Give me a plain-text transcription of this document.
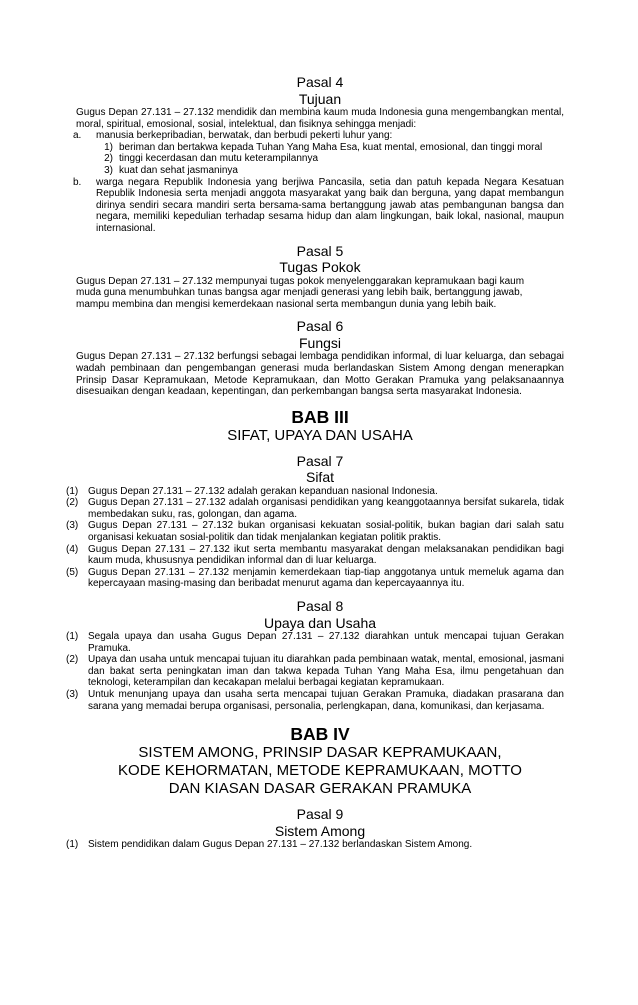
Pasal 4
Tujuan
Gugus Depan 27.131 – 27.132 mendidik dan membina kaum muda Indonesia guna mengembangkan mental, moral, spiritual, emosional, sosial, intelektual, dan fisiknya sehingga menjadi:
a.	manusia berkepribadian, berwatak, dan berbudi pekerti luhur yang:
1) beriman dan bertakwa kepada Tuhan Yang Maha Esa, kuat mental, emosional, dan tinggi moral
2) tinggi kecerdasan dan mutu keterampilannya
3) kuat dan sehat jasmaninya
b.	warga negara Republik Indonesia yang berjiwa Pancasila, setia dan patuh kepada Negara Kesatuan Republik Indonesia serta menjadi anggota masyarakat yang baik dan berguna, yang dapat membangun dirinya sendiri secara mandiri serta bersama-sama bertanggung jawab atas pembangunan bangsa dan negara, memiliki kepedulian terhadap sesama hidup dan alam lingkungan, baik lokal, nasional, maupun internasional.
Pasal 5
Tugas Pokok
Gugus Depan 27.131 – 27.132 mempunyai tugas pokok menyelenggarakan kepramukaan bagi kaum muda guna menumbuhkan tunas bangsa agar menjadi generasi yang lebih baik, bertanggung jawab, mampu membina dan mengisi kemerdekaan nasional serta membangun dunia yang lebih baik.
Pasal 6
Fungsi
Gugus Depan 27.131 – 27.132 berfungsi sebagai lembaga pendidikan informal, di luar keluarga, dan sebagai wadah pembinaan dan pengembangan generasi muda berlandaskan Sistem Among dengan menerapkan Prinsip Dasar Kepramukaan, Metode Kepramukaan, dan Motto Gerakan Pramuka yang pelaksanaannya disesuaikan dengan keadaan, kepentingan, dan perkembangan bangsa serta masyarakat Indonesia.
BAB III
SIFAT, UPAYA DAN USAHA
Pasal 7
Sifat
(1) Gugus Depan 27.131 – 27.132 adalah gerakan kepanduan nasional Indonesia.
(2) Gugus Depan 27.131 – 27.132 adalah organisasi pendidikan yang keanggotaannya bersifat sukarela, tidak membedakan suku, ras, golongan, dan agama.
(3) Gugus Depan 27.131 – 27.132 bukan organisasi kekuatan sosial-politik, bukan bagian dari salah satu organisasi kekuatan sosial-politik dan tidak menjalankan kegiatan politik praktis.
(4) Gugus Depan 27.131 – 27.132 ikut serta membantu masyarakat dengan melaksanakan pendidikan bagi kaum muda, khususnya pendidikan informal dan di luar keluarga.
(5) Gugus Depan 27.131 – 27.132 menjamin kemerdekaan tiap-tiap anggotanya untuk memeluk agama dan kepercayaan masing-masing dan beribadat menurut agama dan kepercayaannya itu.
Pasal 8
Upaya dan Usaha
(1) Segala upaya dan usaha Gugus Depan 27.131 – 27.132 diarahkan untuk mencapai tujuan Gerakan Pramuka.
(2) Upaya dan usaha untuk mencapai tujuan itu diarahkan pada pembinaan watak, mental, emosional, jasmani dan bakat serta peningkatan iman dan takwa kepada Tuhan Yang Maha Esa, ilmu pengetahuan dan teknologi, keterampilan dan kecakapan melalui berbagai kegiatan kepramukaan.
(3) Untuk menunjang upaya dan usaha serta mencapai tujuan Gerakan Pramuka, diadakan prasarana dan sarana yang memadai berupa organisasi, personalia, perlengkapan, dana, komunikasi, dan kerjasama.
BAB IV
SISTEM AMONG, PRINSIP DASAR KEPRAMUKAAN,
KODE KEHORMATAN, METODE KEPRAMUKAAN, MOTTO
DAN KIASAN DASAR GERAKAN PRAMUKA
Pasal 9
Sistem Among
(1) Sistem pendidikan dalam Gugus Depan 27.131 – 27.132 berlandaskan Sistem Among.
